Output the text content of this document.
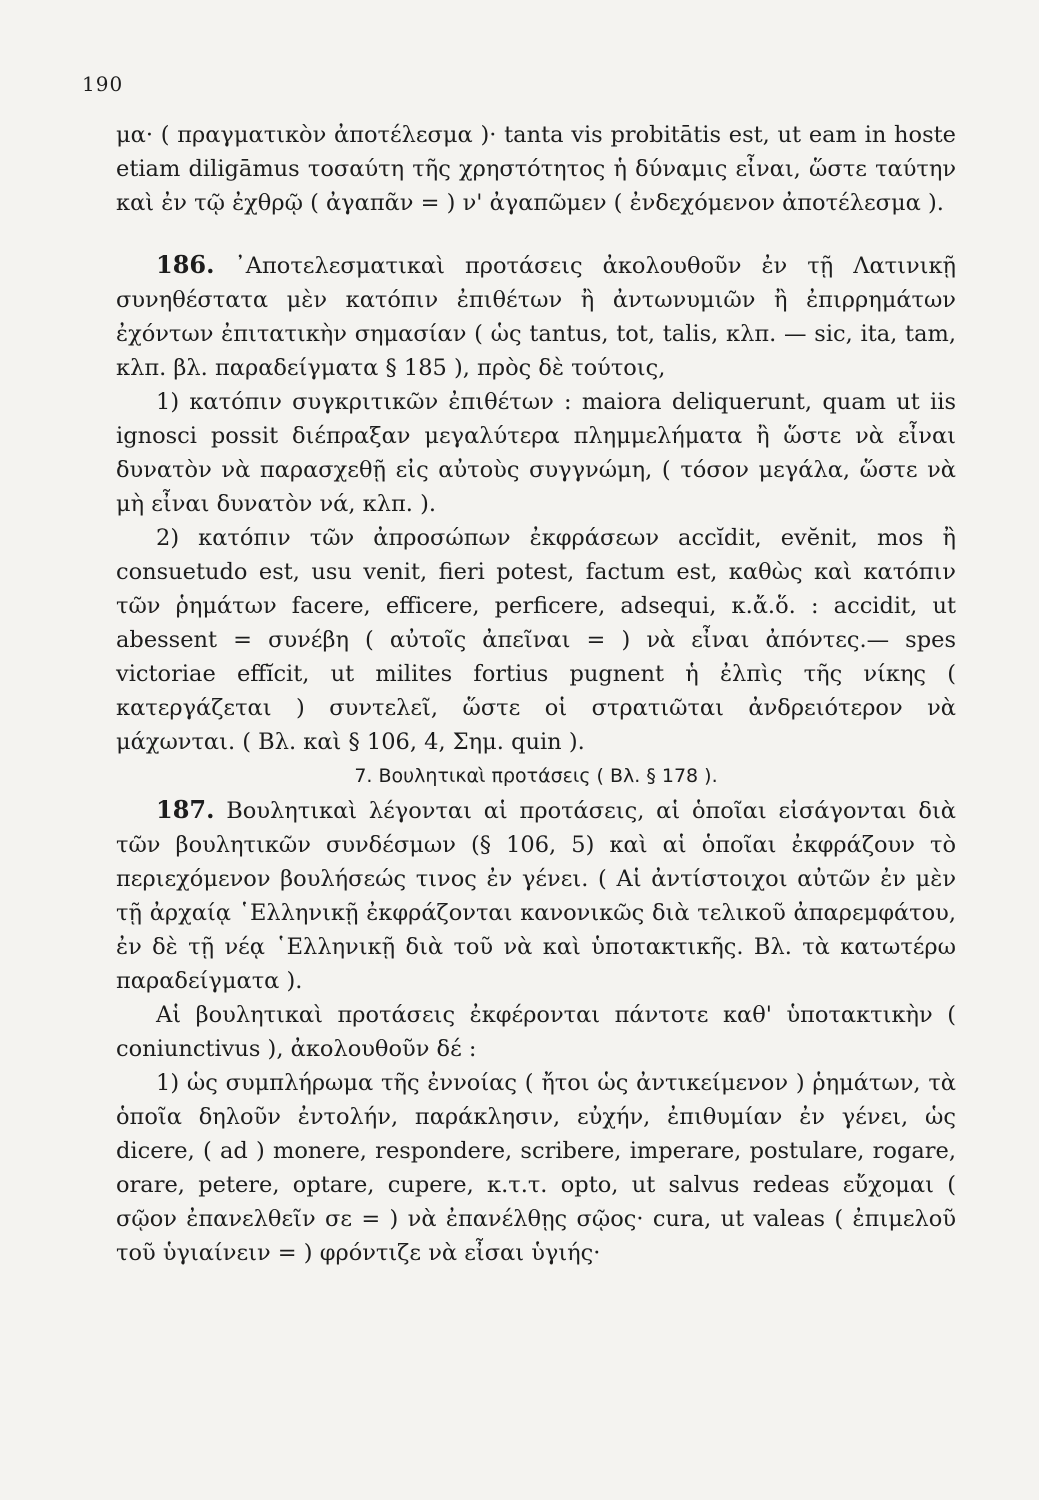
190

μα· ( πραγματικὸν ἀποτέλεσμα )· tanta vis probitātis est, ut eam in hoste etiam diligāmus τοσαύτη τῆς χρηστότητος ἡ δύναμις εἶναι, ὥστε ταύτην καὶ ἐν τῷ ἐχθρῷ ( ἀγαπᾶν = ) ν' ἀγαπῶμεν ( ἐνδεχόμενον ἀποτέλεσμα ).

186. ᾿Αποτελεσματικαὶ προτάσεις ἀκολουθοῦν ἐν τῇ Λατινικῇ συνηθέστατα μὲν κατόπιν ἐπιθέτων ἢ ἀντωνυμιῶν ἢ ἐπιρρημάτων ἐχόντων ἐπιτατικὴν σημασίαν ( ὡς tantus, tot, talis, κλπ. — sic, ita, tam, κλπ. βλ. παραδείγματα § 185 ), πρὸς δὲ τούτοις,

1) κατόπιν συγκριτικῶν ἐπιθέτων : maiora deliquerunt, quam ut iis ignosci possit διέπραξαν μεγαλύτερα πλημμελήματα ἢ ὥστε νὰ εἶναι δυνατὸν νὰ παρασχεθῇ εἰς αὐτοὺς συγγνώμη, ( τόσον μεγάλα, ὥστε νὰ μὴ εἶναι δυνατὸν νά, κλπ. ).

2) κατόπιν τῶν ἀπροσώπων ἐκφράσεων accĭdit, evĕnit, mos ἢ consuetudo est, usu venit, fieri potest, factum est, καθὼς καὶ κατόπιν τῶν ῥημάτων facere, efficere, perficere, adsequi, κ.ἄ.ὅ. : accidit, ut abessent = συνέβη ( αὐτοῖς ἀπεῖναι = ) νὰ εἶναι ἀπόντες.— spes victoriae effĭcit, ut milites fortius pugnent ἡ ἐλπὶς τῆς νίκης ( κατεργάζεται ) συντελεῖ, ὥστε οἱ στρατιῶται ἀνδρειότερον νὰ μάχωνται. ( Βλ. καὶ § 106, 4, Σημ. quin ).

7. Βουλητικαὶ προτάσεις ( Βλ. § 178 ).

187. Βουλητικαὶ λέγονται αἱ προτάσεις, αἱ ὁποῖαι εἰσάγονται διὰ τῶν βουλητικῶν συνδέσμων (§ 106, 5) καὶ αἱ ὁποῖαι ἐκφράζουν τὸ περιεχόμενον βουλήσεώς τινος ἐν γένει. ( Αἱ ἀντίστοιχοι αὐτῶν ἐν μὲν τῇ ἀρχαίᾳ ῾Ελληνικῇ ἐκφράζονται κανονικῶς διὰ τελικοῦ ἀπαρεμφάτου, ἐν δὲ τῇ νέᾳ ῾Ελληνικῇ διὰ τοῦ νὰ καὶ ὑποτακτικῆς. Βλ. τὰ κατωτέρω παραδείγματα ).

Αἱ βουλητικαὶ προτάσεις ἐκφέρονται πάντοτε καθ' ὑποτακτικὴν ( coniunctivus ), ἀκολουθοῦν δέ :

1) ὡς συμπλήρωμα τῆς ἐννοίας ( ἤτοι ὡς ἀντικείμενον ) ῥημάτων, τὰ ὁποῖα δηλοῦν ἐντολήν, παράκλησιν, εὐχήν, ἐπιθυμίαν ἐν γένει, ὡς dicere, ( ad ) monere, respondere, scribere, imperare, postulare, rogare, orare, petere, optare, cupere, κ.τ.τ. opto, ut salvus redeas εὔχομαι ( σῷον ἐπανελθεῖν σε = ) νὰ ἐπανέλθῃς σῷος· cura, ut valeas ( ἐπιμελοῦ τοῦ ὑγιαίνειν = ) φρόντιζε νὰ εἶσαι ὑγιής·
